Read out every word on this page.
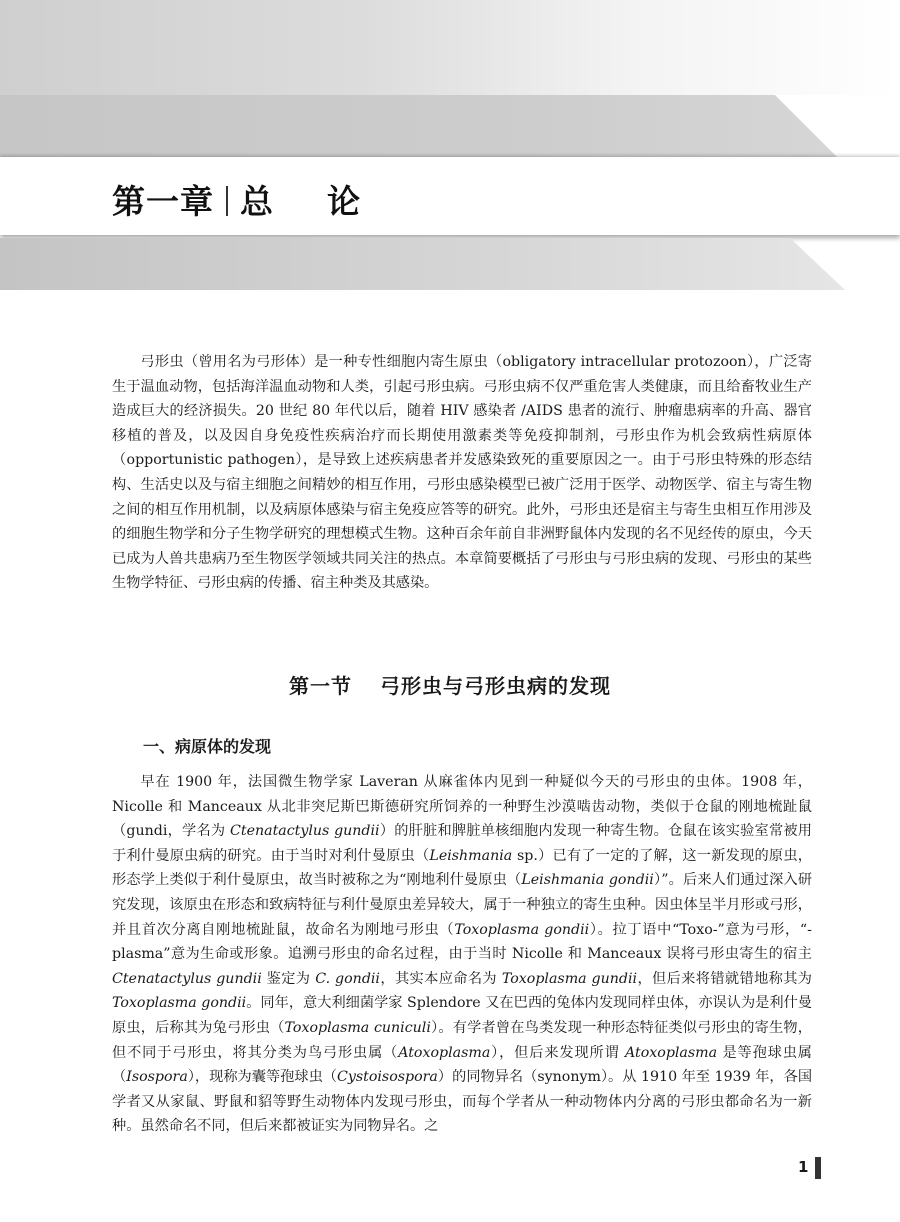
第一章 总论

弓形虫（曾用名为弓形体）是一种专性细胞内寄生原虫（obligatory intracellular protozoon），广泛寄生于温血动物，包括海洋温血动物和人类，引起弓形虫病。弓形虫病不仅严重危害人类健康，而且给畜牧业生产造成巨大的经济损失。20 世纪 80 年代以后，随着 HIV 感染者 /AIDS 患者的流行、肿瘤患病率的升高、器官移植的普及，以及因自身免疫性疾病治疗而长期使用激素类等免疫抑制剂，弓形虫作为机会致病性病原体（opportunistic pathogen），是导致上述疾病患者并发感染致死的重要原因之一。由于弓形虫特殊的形态结构、生活史以及与宿主细胞之间精妙的相互作用，弓形虫感染模型已被广泛用于医学、动物医学、宿主与寄生物之间的相互作用机制，以及病原体感染与宿主免疫应答等的研究。此外，弓形虫还是宿主与寄生虫相互作用涉及的细胞生物学和分子生物学研究的理想模式生物。这种百余年前自非洲野鼠体内发现的名不见经传的原虫，今天已成为人兽共患病乃至生物医学领域共同关注的热点。本章简要概括了弓形虫与弓形虫病的发现、弓形虫的某些生物学特征、弓形虫病的传播、宿主种类及其感染。

第一节 弓形虫与弓形虫病的发现
一、病原体的发现

早在 1900 年，法国微生物学家 Laveran 从麻雀体内见到一种疑似今天的弓形虫的虫体。1908 年，Nicolle 和 Manceaux 从北非突尼斯巴斯德研究所饲养的一种野生沙漠啮齿动物，类似于仓鼠的刚地梳趾鼠（gundi，学名为 Ctenatactylus gundii）的肝脏和脾脏单核细胞内发现一种寄生物。仓鼠在该实验室常被用于利什曼原虫病的研究。由于当时对利什曼原虫（Leishmania sp.）已有了一定的了解，这一新发现的原虫，形态学上类似于利什曼原虫，故当时被称之为“刚地利什曼原虫（Leishmania gondii）”。后来人们通过深入研究发现，该原虫在形态和致病特征与利什曼原虫差异较大，属于一种独立的寄生虫种。因虫体呈半月形或弓形，并且首次分离自刚地梳趾鼠，故命名为刚地弓形虫（Toxoplasma gondii）。拉丁语中“Toxo-”意为弓形，“-plasma”意为生命或形象。追溯弓形虫的命名过程，由于当时 Nicolle 和 Manceaux 误将弓形虫寄生的宿主 Ctenatactylus gundii 鉴定为 C. gondii，其实本应命名为 Toxoplasma gundii，但后来将错就错地称其为 Toxoplasma gondii。同年，意大利细菌学家 Splendore 又在巴西的兔体内发现同样虫体，亦误认为是利什曼原虫，后称其为兔弓形虫（Toxoplasma cuniculi）。有学者曾在鸟类发现一种形态特征类似弓形虫的寄生物，但不同于弓形虫，将其分类为鸟弓形虫属（Atoxoplasma），但后来发现所谓 Atoxoplasma 是等孢球虫属（Isospora），现称为囊等孢球虫（Cystoisospora）的同物异名（synonym）。从 1910 年至 1939 年，各国学者又从家鼠、野鼠和貂等野生动物体内发现弓形虫，而每个学者从一种动物体内分离的弓形虫都命名为一新种。虽然命名不同，但后来都被证实为同物异名。之

1
